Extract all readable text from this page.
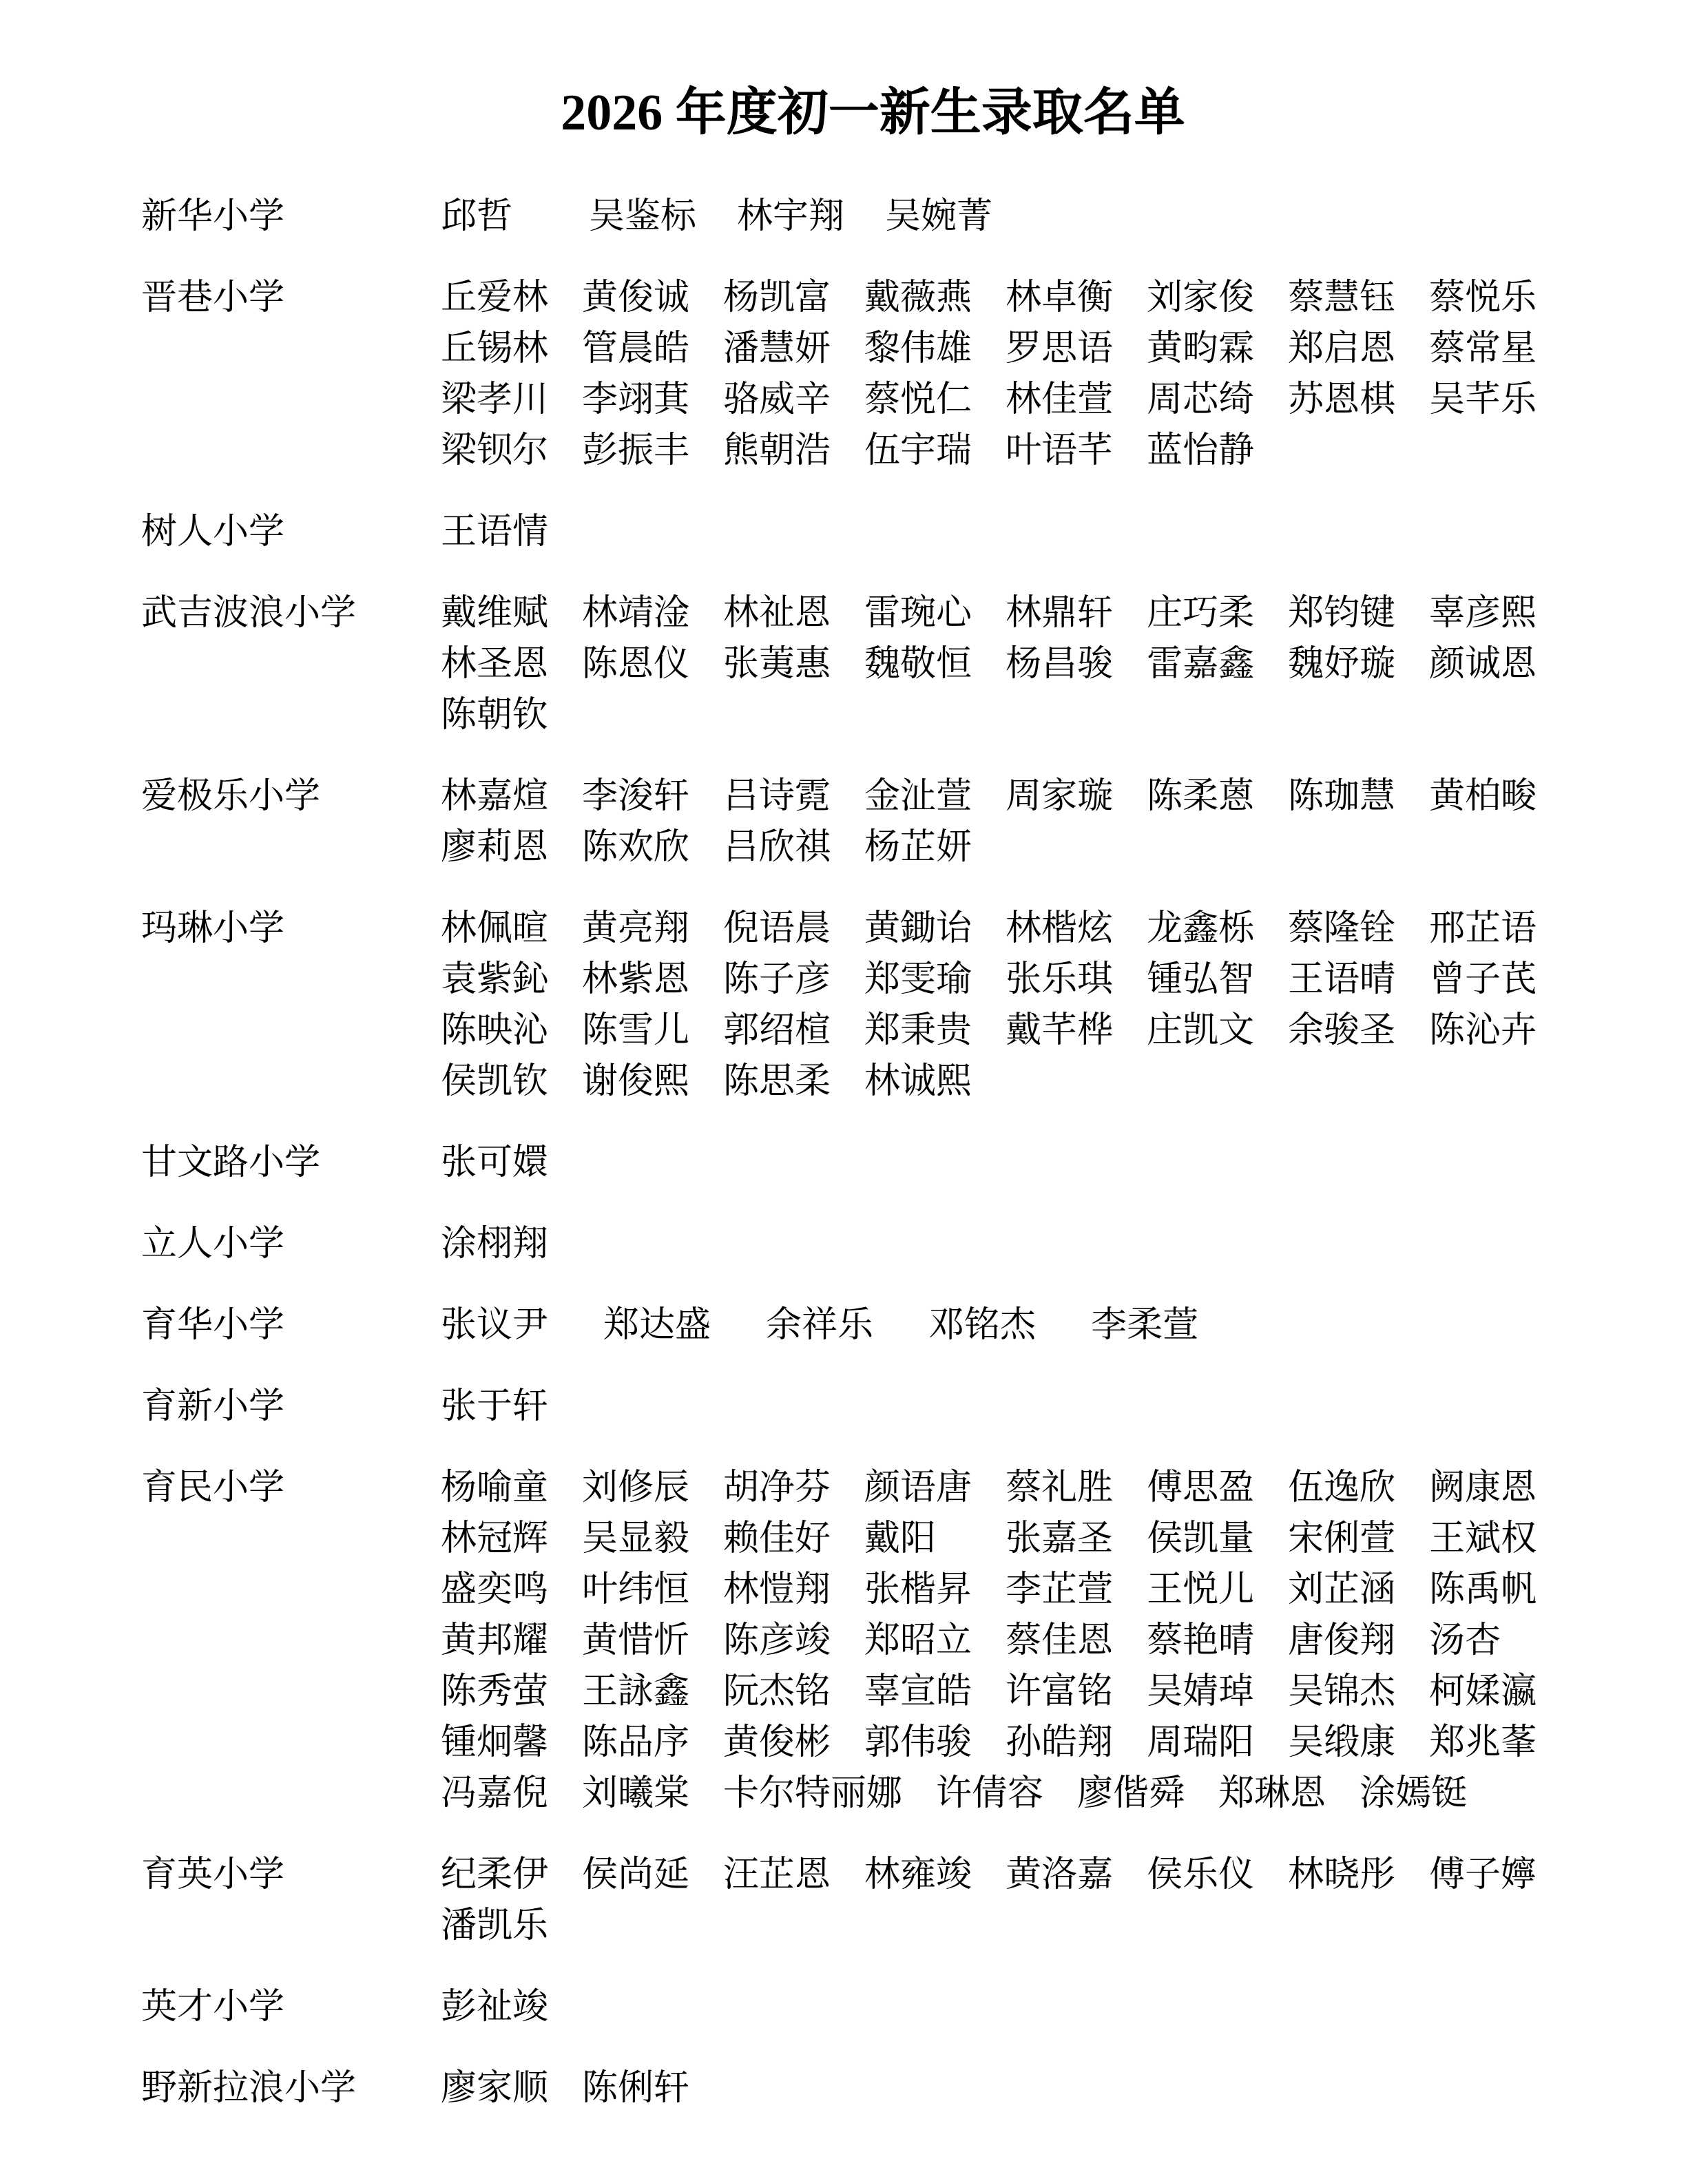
2026 年度初一新生录取名单
新华小学	邱哲	吴鉴标 林宇翔 吴婉菁
晋巷小学	丘爱林 黄俊诚 杨凯富 戴薇燕 林卓衡 刘家俊 蔡慧钰 蔡悦乐
丘锡林 管晨皓 潘慧妍 黎伟雄 罗思语 黄畇霖 郑启恩 蔡常星
梁孝川 李翊萁 骆威辛 蔡悦仁 林佳萱 周芯绮 苏恩棋 吴芊乐
梁钡尔 彭振丰 熊朝浩 伍宇瑞 叶语芊 蓝怡静
树人小学	王语情
武吉波浪小学	戴维赋 林靖淦 林祉恩 雷琬心 林鼎轩 庄巧柔 郑钧键 辜彦熙
林圣恩 陈恩仪 张荑惠 魏敬恒 杨昌骏 雷嘉鑫 魏妤璇 颜诚恩
陈朝钦
爱极乐小学	林嘉煊 李浚轩 吕诗霓 金沚萱 周家璇 陈柔蒽 陈珈慧 黄柏畯
廖莉恩 陈欢欣 吕欣祺 杨芷妍
玛琳小学	林佩暄 黄亮翔 倪语晨 黄鋤诒 林楷炫 龙鑫栎 蔡隆铨 邢芷语
袁紫鈊 林紫恩 陈子彦 郑雯瑜 张乐琪 锺弘智 王语晴 曾子芪
陈映沁 陈雪儿 郭绍楦 郑秉贵 戴芊桦 庄凯文 余骏圣 陈沁卉
侯凯钦 谢俊熙 陈思柔 林诚熙
甘文路小学	张可嬛
立人小学	涂栩翔
育华小学	张议尹 郑达盛 余祥乐 邓铭杰 李柔萱
育新小学	张于轩
育民小学	杨喻童 刘修辰 胡净芬 颜语唐 蔡礼胜 傅思盈 伍逸欣 阙康恩
林冠辉 吴显毅 赖佳好 戴阳	张嘉圣 侯凯量 宋俐萱 王斌权
盛奕鸣 叶纬恒 林愷翔 张楷昇 李芷萱 王悦儿 刘芷涵 陈禹帆
黄邦耀 黄惜忻 陈彦竣 郑昭立 蔡佳恩 蔡艳晴 唐俊翔 汤杏
陈秀萤 王詠鑫 阮杰铭 辜宣皓 许富铭 吴婧琸 吴锦杰 柯媃瀛
锺炯馨 陈品序 黄俊彬 郭伟骏 孙皓翔 周瑞阳 吴缎康 郑兆莑
冯嘉倪 刘曦棠 卡尔特丽娜 许倩容 廖偕舜 郑琳恩 涂嫣铤
育英小学	纪柔伊 侯尚延 汪芷恩 林雍竣 黄洛嘉 侯乐仪 林晓彤 傅子嬣
潘凯乐
英才小学	彭祉竣
野新拉浪小学	廖家顺 陈俐轩
